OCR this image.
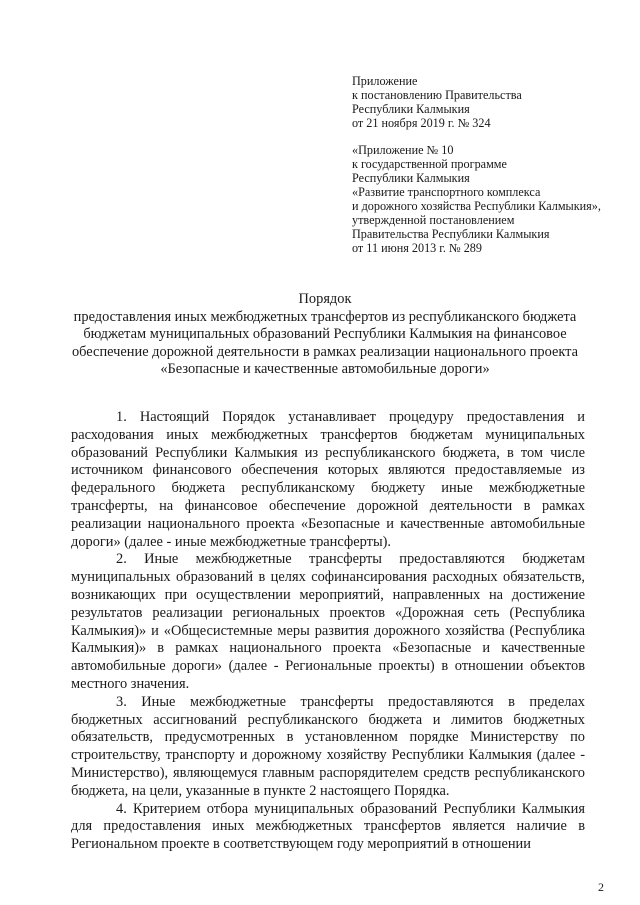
Приложение
к постановлению Правительства
Республики Калмыкия
от 21 ноября 2019 г. № 324
«Приложение № 10
к государственной программе
Республики Калмыкия
«Развитие транспортного комплекса
и дорожного хозяйства Республики Калмыкия»,
утвержденной постановлением
Правительства Республики Калмыкия
от 11 июня 2013 г. № 289
Порядок
предоставления иных межбюджетных трансфертов из республиканского бюджета
бюджетам муниципальных образований Республики Калмыкия на финансовое
обеспечение дорожной деятельности в рамках реализации национального проекта
«Безопасные и качественные автомобильные дороги»

1. Настоящий Порядок устанавливает процедуру предоставления и расходования иных межбюджетных трансфертов бюджетам муниципальных образований Республики Калмыкия из республиканского бюджета, в том числе источником финансового обеспечения которых являются предоставляемые из федерального бюджета республиканскому бюджету иные межбюджетные трансферты, на финансовое обеспечение дорожной деятельности в рамках реализации национального проекта «Безопасные и качественные автомобильные дороги» (далее - иные межбюджетные трансферты).

2. Иные межбюджетные трансферты предоставляются бюджетам муниципальных образований в целях софинансирования расходных обязательств, возникающих при осуществлении мероприятий, направленных на достижение результатов реализации региональных проектов «Дорожная сеть (Республика Калмыкия)» и «Общесистемные меры развития дорожного хозяйства (Республика Калмыкия)» в рамках национального проекта «Безопасные и качественные автомобильные дороги» (далее - Региональные проекты) в отношении объектов местного значения.

3. Иные межбюджетные трансферты предоставляются в пределах бюджетных ассигнований республиканского бюджета и лимитов бюджетных обязательств, предусмотренных в установленном порядке Министерству по строительству, транспорту и дорожному хозяйству Республики Калмыкия (далее - Министерство), являющемуся главным распорядителем средств республиканского бюджета, на цели, указанные в пункте 2 настоящего Порядка.

4. Критерием отбора муниципальных образований Республики Калмыкия для предоставления иных межбюджетных трансфертов является наличие в Региональном проекте в соответствующем году мероприятий в отношении

2
